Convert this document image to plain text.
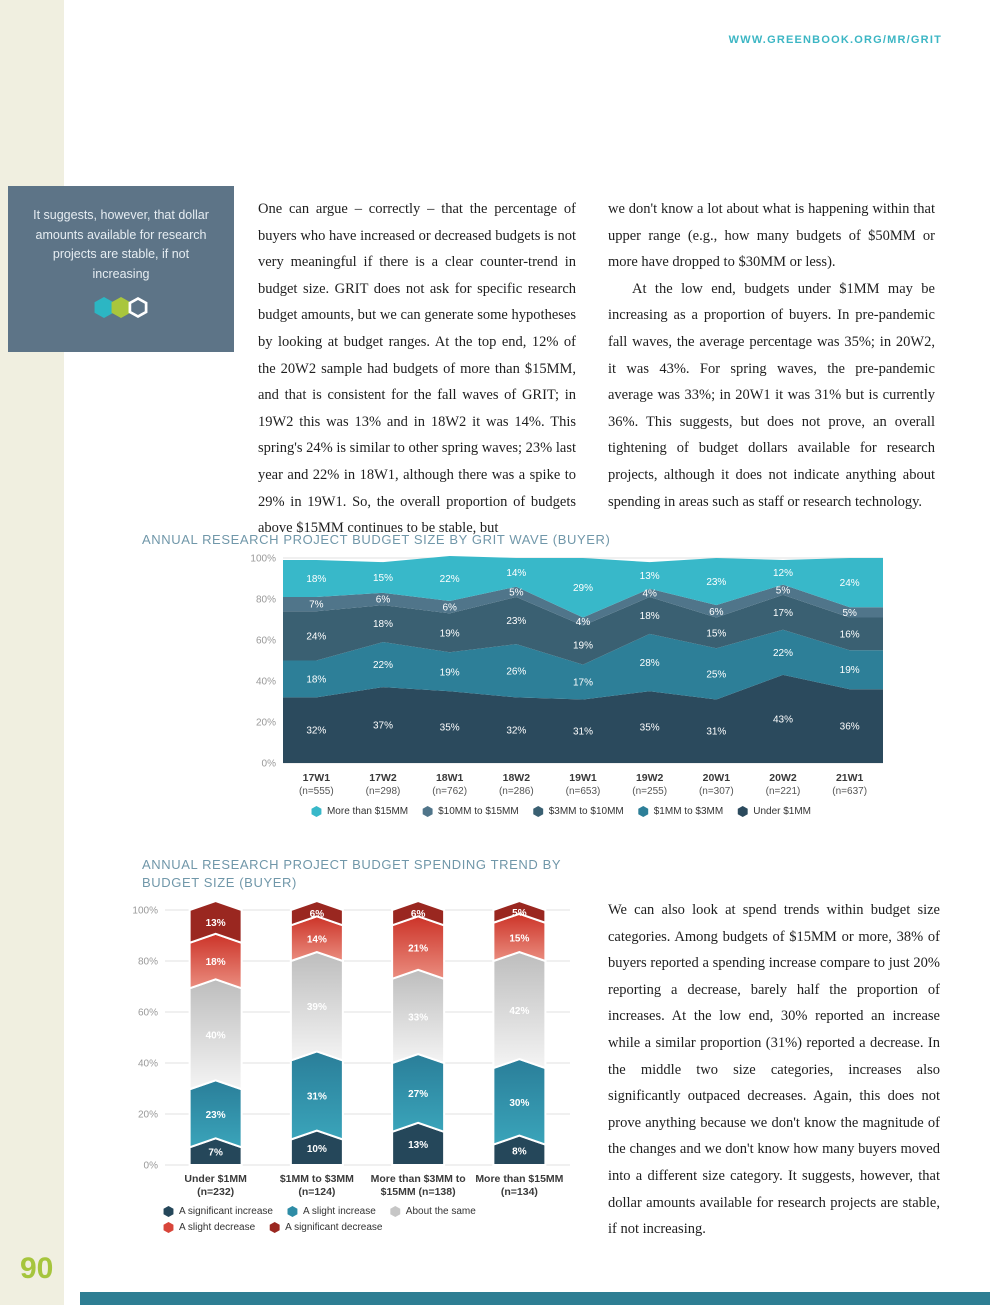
WWW.GREENBOOK.ORG/MR/GRIT

It suggests, however, that dollar amounts available for research projects are stable, if not increasing

One can argue – correctly – that the percentage of buyers who have increased or decreased budgets is not very meaningful if there is a clear counter-trend in budget size. GRIT does not ask for specific research budget amounts, but we can generate some hypotheses by looking at budget ranges. At the top end, 12% of the 20W2 sample had budgets of more than $15MM, and that is consistent for the fall waves of GRIT; in 19W2 this was 13% and in 18W2 it was 14%. This spring's 24% is similar to other spring waves; 23% last year and 22% in 18W1, although there was a spike to 29% in 19W1. So, the overall proportion of budgets above $15MM continues to be stable, but

we don't know a lot about what is happening within that upper range (e.g., how many budgets of $50MM or more have dropped to $30MM or less).

At the low end, budgets under $1MM may be increasing as a proportion of buyers. In pre-pandemic fall waves, the average percentage was 35%; in 20W2, it was 43%. For spring waves, the pre-pandemic average was 33%; in 20W1 it was 31% but is currently 36%. This suggests, but does not prove, an overall tightening of budget dollars available for research projects, although it does not indicate anything about spending in areas such as staff or research technology.

ANNUAL RESEARCH PROJECT BUDGET SIZE BY GRIT WAVE (BUYER)
0%
20%
40%
60%
80%
100%
32%	37%	35%	32%	31%	35%	31%
43%
36%
18%
22%
19%	26%
17%
28%
25%
22%
19%
24%
18%
19%
23%
19%
18%
15%
17%
16%
7%	6%
6%
5%
4%
4%
6%
5%
5%
18%	15%	22%
14%
29%
13%
23%
12%
24%
17W1
(n=555)
17W2
(n=298)
18W1
(n=762)
18W2
(n=286)
19W1
(n=653)
19W2
(n=255)
20W1
(n=307)
20W2
(n=221)
21W1
(n=637)
More than $15MM	$10MM to $15MM	$3MM to $10MM	$1MM to $3MM	Under $1MM
ANNUAL RESEARCH PROJECT BUDGET SPENDING TREND BY BUDGET SIZE (BUYER)
0%
20%
40%
60%
80%
100%
7%
23%
40%
18%
13%
Under $1MM
(n=232)
10%
31%
39%
14%
6%
$1MM to $3MM
(n=124)
13%
27%
33%
21%
6%
More than $3MM to
$15MM (n=138)
8%
30%
42%
15%
5%
More than $15MM
(n=134)
A significant increase	A slight increase	About the same
A slight decrease	A significant decrease

We can also look at spend trends within budget size categories. Among budgets of $15MM or more, 38% of buyers reported a spending increase compare to just 20% reporting a decrease, barely half the proportion of increases. At the low end, 30% reported an increase while a similar proportion (31%) reported a decrease. In the middle two size categories, increases also significantly outpaced decreases. Again, this does not prove anything because we don't know the magnitude of the changes and we don't know how many buyers moved into a different size category. It suggests, however, that dollar amounts available for research projects are stable, if not increasing.

90
